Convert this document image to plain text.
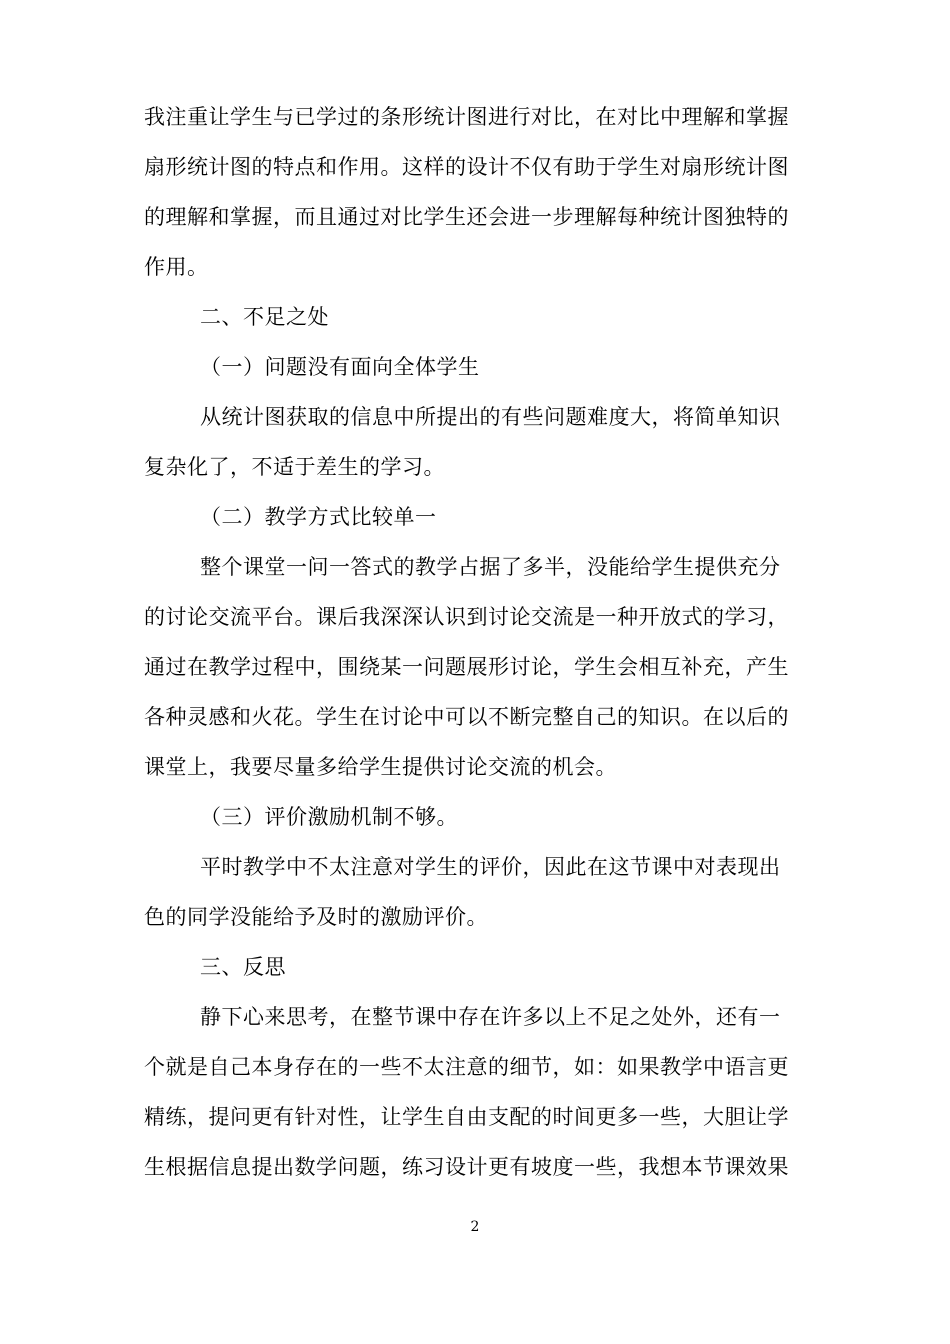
我注重让学生与已学过的条形统计图进行对比，在对比中理解和掌握
扇形统计图的特点和作用。这样的设计不仅有助于学生对扇形统计图
的理解和掌握，而且通过对比学生还会进一步理解每种统计图独特的
作用。
二、不足之处
（一）问题没有面向全体学生
从统计图获取的信息中所提出的有些问题难度大，将简单知识
复杂化了，不适于差生的学习。
（二）教学方式比较单一
整个课堂一问一答式的教学占据了多半，没能给学生提供充分
的讨论交流平台。课后我深深认识到讨论交流是一种开放式的学习，
通过在教学过程中，围绕某一问题展形讨论，学生会相互补充，产生
各种灵感和火花。学生在讨论中可以不断完整自己的知识。在以后的
课堂上，我要尽量多给学生提供讨论交流的机会。
（三）评价激励机制不够。
平时教学中不太注意对学生的评价，因此在这节课中对表现出
色的同学没能给予及时的激励评价。
三、反思
静下心来思考，在整节课中存在许多以上不足之处外，还有一
个就是自己本身存在的一些不太注意的细节，如：如果教学中语言更
精练，提问更有针对性，让学生自由支配的时间更多一些，大胆让学
生根据信息提出数学问题，练习设计更有坡度一些，我想本节课效果
2
